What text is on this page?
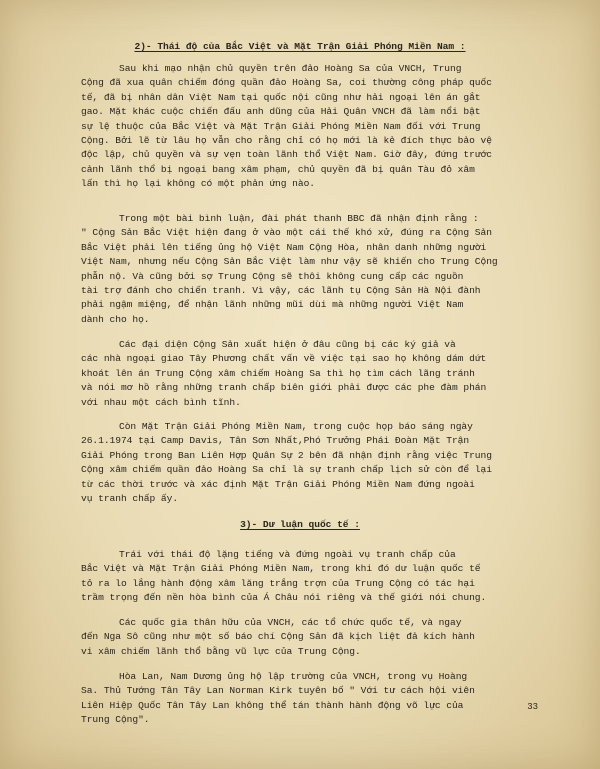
2)- Thái độ của Bắc Việt và Mặt Trận Giải Phóng Miền Nam :
Sau khi mạo nhận chủ quyền trên đảo Hoàng Sa của VNCH, Trung
Cộng đã xua quân chiếm đóng quần đảo Hoàng Sa, coi thường công pháp quốc
tế, đã bị nhân dân Việt Nam tại quốc nội cũng như hải ngoại lên án gắt
gao. Mặt khác cuộc chiến đấu anh dũng của Hải Quân VNCH đã làm nổi bật
sự lệ thuộc của Bắc Việt và Mặt Trận Giải Phóng Miền Nam đối với Trung
Cộng. Bởi lẽ từ lâu họ vẫn cho rằng chỉ có họ mới là kẻ đích thực bảo vệ
độc lập, chủ quyền và sự vẹn toàn lãnh thổ Việt Nam. Giờ đây, đứng trước
cảnh lãnh thổ bị ngoại bang xâm phạm, chủ quyền đã bị quân Tàu đỏ xâm
lấn thì họ lại không có một phản ứng nào.
Trong một bài bình luận, đài phát thanh BBC đã nhận định rằng :
" Cộng Sản Bắc Việt hiện đang ở vào một cái thế khó xử, đúng ra Cộng Sản
Bắc Việt phải lên tiếng ủng hộ Việt Nam Cộng Hòa, nhân danh những người
Việt Nam, nhưng nếu Cộng Sản Bắc Việt làm như vậy sẽ khiến cho Trung Cộng
phẫn nộ. Và cũng bởi sợ Trung Cộng sẽ thôi không cung cấp các nguồn
tài trợ đánh cho chiến tranh. Vì vậy, các lãnh tụ Cộng Sản Hà Nội đành
phải ngậm miệng, để nhận lãnh những mũi dùi mà những người Việt Nam
dành cho họ.
Các đại diện Cộng Sản xuất hiện ở đâu cũng bị các ký giả và
các nhà ngoại giao Tây Phương chất vấn về việc tại sao họ không dám dứt
khoát lên án Trung Cộng xâm chiếm Hoàng Sa thì họ tìm cách lãng tránh
và nói mơ hồ rằng những tranh chấp biên giới phải được các phe đàm phán
với nhau một cách bình tĩnh.
Còn Mặt Trận Giải Phóng Miền Nam, trong cuộc họp báo sáng ngày
26.1.1974 tại Camp Davis, Tân Sơn Nhất,Phó Trưởng Phái Đoàn Mặt Trận
Giải Phóng trong Ban Liên Hợp Quân Sự 2 bên đã nhận định rằng việc Trung
Cộng xâm chiếm quần đảo Hoàng Sa chỉ là sự tranh chấp lịch sử còn để lại
từ các thời trước và xác định Mặt Trận Giải Phóng Miền Nam đứng ngoài
vụ tranh chấp ấy.
3)- Dư luận quốc tế :
Trái với thái độ lặng tiếng và đứng ngoài vụ tranh chấp của
Bắc Việt và Mặt Trận Giải Phóng Miền Nam, trong khi đó dư luận quốc tế
tỏ ra lo lắng hành động xâm lăng trắng trợn của Trung Cộng có tác hại
trầm trọng đến nền hòa bình của Á Châu nói riêng và thế giới nói chung.
Các quốc gia thân hữu của VNCH, các tổ chức quốc tế, và ngay
đến Nga Sô cũng như một số báo chí Cộng Sản đã kịch liệt đả kích hành
vi xâm chiếm lãnh thổ bằng vũ lực của Trung Cộng.
Hòa Lan, Nam Dương ủng hộ lập trường của VNCH, trong vụ Hoàng
Sa. Thủ Tướng Tân Tây Lan Norman Kirk tuyên bố " Với tư cách hội viên
Liên Hiệp Quốc Tân Tây Lan không thể tán thành hành động võ lực của
Trung Cộng".
33
